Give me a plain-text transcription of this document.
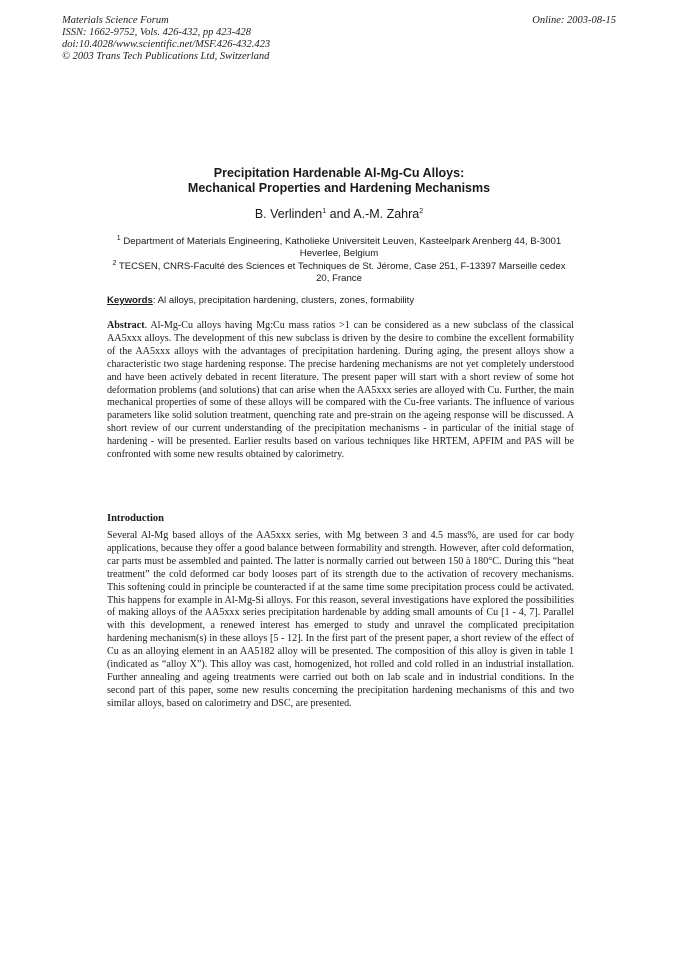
Materials Science Forum
ISSN: 1662-9752, Vols. 426-432, pp 423-428
doi:10.4028/www.scientific.net/MSF.426-432.423
© 2003 Trans Tech Publications Ltd, Switzerland
Online: 2003-08-15
Precipitation Hardenable Al-Mg-Cu Alloys:
Mechanical Properties and Hardening Mechanisms
B. Verlinden$^1$ and A.-M. Zahra$^2$
$^1$ Department of Materials Engineering, Katholieke Universiteit Leuven, Kasteelpark Arenberg 44, B-3001 Heverlee, Belgium
$^2$ TECSEN, CNRS-Faculté des Sciences et Techniques de St. Jérome, Case 251, F-13397 Marseille cedex 20, France
Keywords: Al alloys, precipitation hardening, clusters, zones, formability
Abstract. Al-Mg-Cu alloys having Mg:Cu mass ratios >1 can be considered as a new subclass of the classical AA5xxx alloys. The development of this new subclass is driven by the desire to combine the excellent formability of the AA5xxx alloys with the advantages of precipitation hardening. During aging, the present alloys show a characteristic two stage hardening response. The precise hardening mechanisms are not yet completely understood and have been actively debated in recent literature. The present paper will start with a short review of some hot deformation problems (and solutions) that can arise when the AA5xxx series are alloyed with Cu. Further, the main mechanical properties of some of these alloys will be compared with the Cu-free variants. The influence of various parameters like solid solution treatment, quenching rate and pre-strain on the ageing response will be discussed. A short review of our current understanding of the precipitation mechanisms - in particular of the initial stage of hardening - will be presented. Earlier results based on various techniques like HRTEM, APFIM and PAS will be confronted with some new results obtained by calorimetry.
Introduction
Several Al-Mg based alloys of the AA5xxx series, with Mg between 3 and 4.5 mass%, are used for car body applications, because they offer a good balance between formability and strength. However, after cold deformation, car parts must be assembled and painted. The latter is normally carried out between 150 à 180°C. During this “heat treatment” the cold deformed car body looses part of its strength due to the activation of recovery mechanisms. This softening could in principle be counteracted if at the same time some precipitation process could be activated. This happens for example in Al-Mg-Si alloys. For this reason, several investigations have explored the possibilities of making alloys of the AA5xxx series precipitation hardenable by adding small amounts of Cu [1 - 4, 7]. Parallel with this development, a renewed interest has emerged to study and unravel the complicated precipitation hardening mechanism(s) in these alloys [5 - 12]. In the first part of the present paper, a short review of the effect of Cu as an alloying element in an AA5182 alloy will be presented. The composition of this alloy is given in table 1 (indicated as “alloy X”). This alloy was cast, homogenized, hot rolled and cold rolled in an industrial installation. Further annealing and ageing treatments were carried out both on lab scale and in industrial conditions. In the second part of this paper, some new results concerning the precipitation hardening mechanisms of this and two similar alloys, based on calorimetry and DSC, are presented.
